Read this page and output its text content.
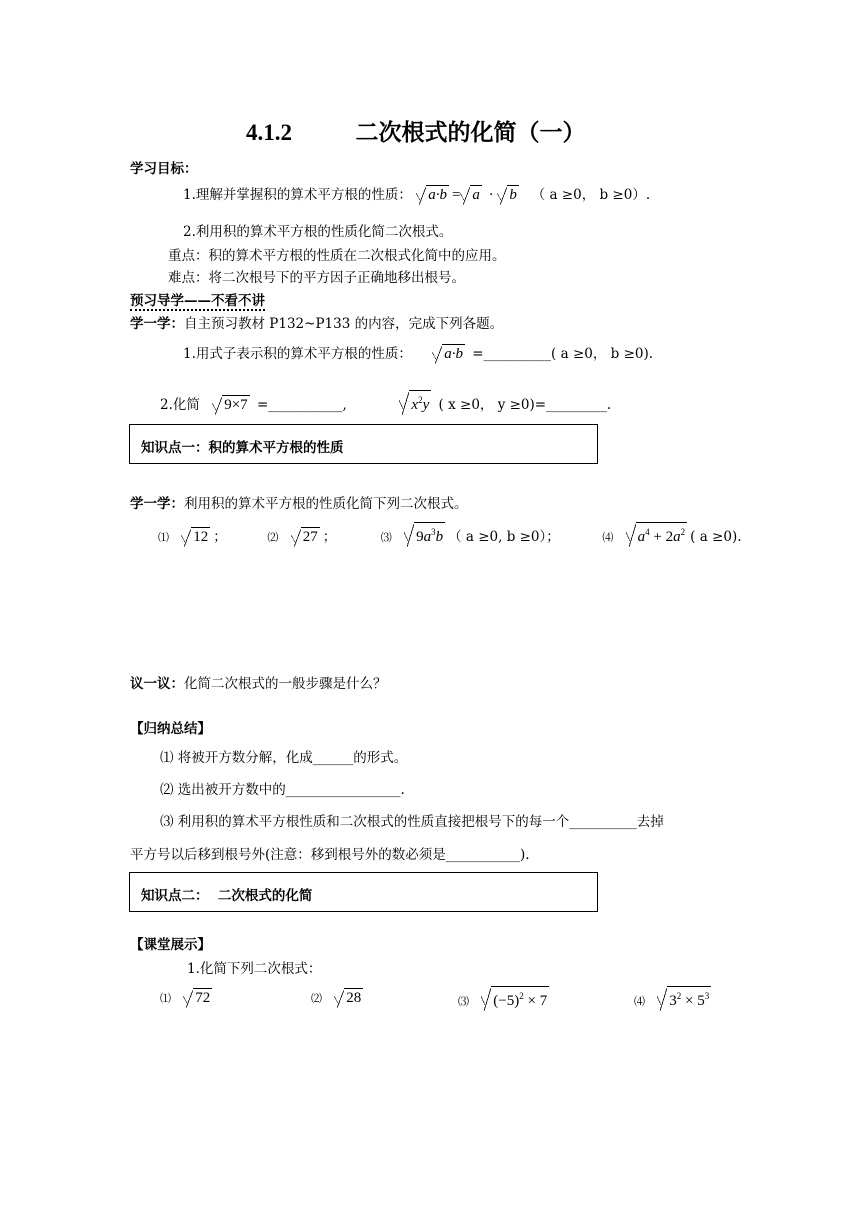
4.1.2	二次根式的化简（一）
学习目标：
1.理解并掌握积的算术平方根的性质： a·b = a · b （ a ≥0， b ≥0）.
2.利用积的算术平方根的性质化简二次根式。
重点：积的算术平方根的性质在二次根式化简中的应用。
难点：将二次根号下的平方因子正确地移出根号。
预习导学——不看不讲
学一学：自主预习教材 P132~P133 的内容，完成下列各题。
1.用式子表示积的算术平方根的性质： a·b =__________( a ≥0， b ≥0).
2.化简 9×7 =___________,	$x^2y$ ( x ≥0， y ≥0)=_________.
知识点一：积的算术平方根的性质
学一学：利用积的算术平方根的性质化简下列二次根式。
⑴ 12 ；	⑵ 27 ；	⑶ $9a^3b$ （ a ≥0, b ≥0）；	⑷ $a^4 + 2a^2$ ( a ≥0).
议一议：化简二次根式的一般步骤是什么？
【归纳总结】
⑴ 将被开方数分解，化成______的形式。
⑵ 选出被开方数中的_________________.
⑶ 利用积的算术平方根性质和二次根式的性质直接把根号下的每一个__________去掉
平方号以后移到根号外(注意：移到根号外的数必须是___________).
知识点二：  二次根式的化简
【课堂展示】
1.化简下列二次根式：
⑴ 72	⑵ 28	⑶ $(-5)^2 \times 7$	⑷ $3^2 \times 5^3$
